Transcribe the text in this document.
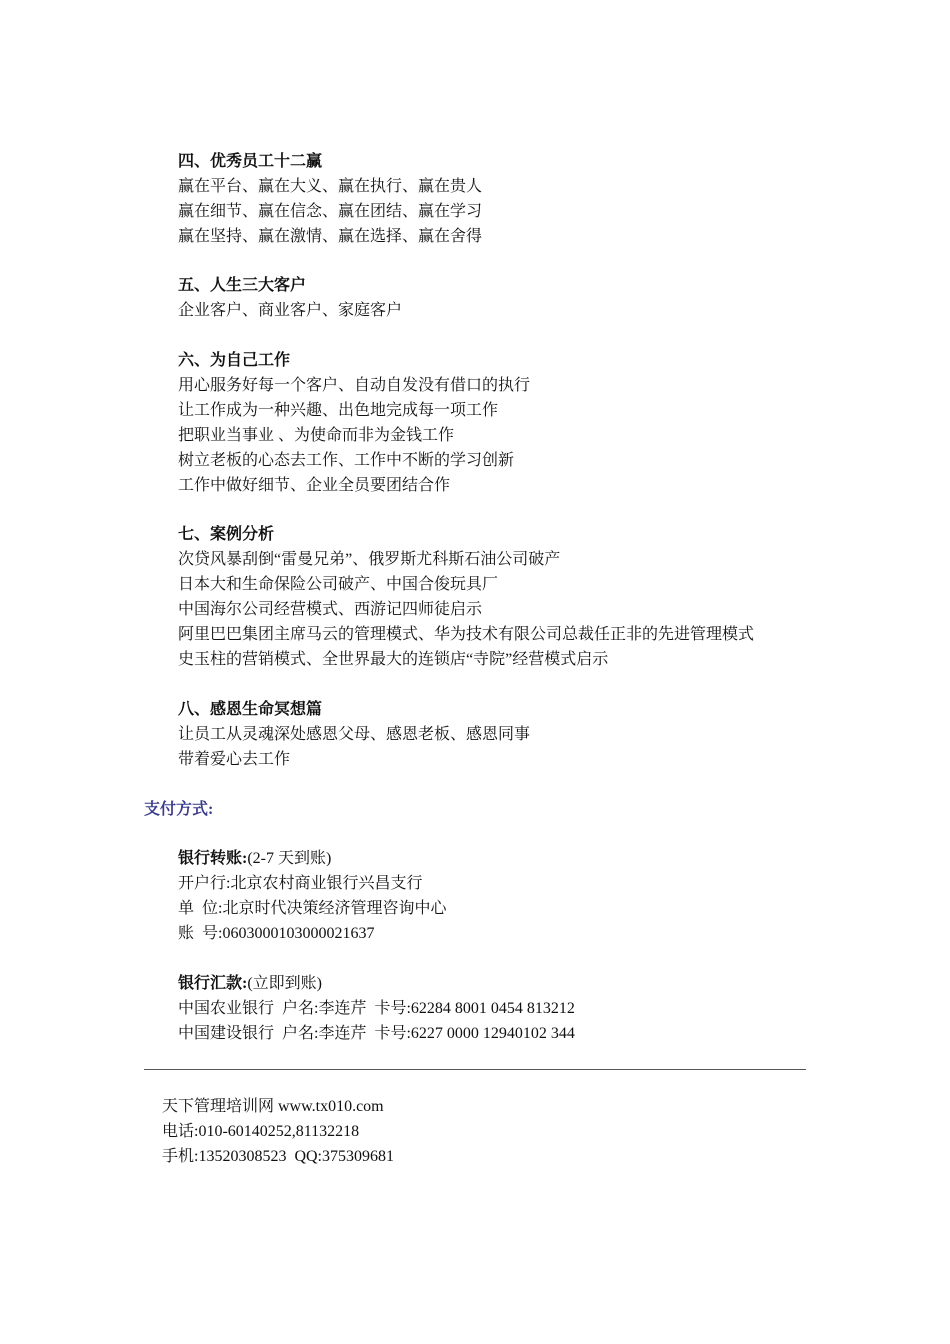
四、优秀员工十二赢
赢在平台、赢在大义、赢在执行、赢在贵人
赢在细节、赢在信念、赢在团结、赢在学习
赢在坚持、赢在激情、赢在选择、赢在舍得
五、人生三大客户
企业客户、商业客户、家庭客户
六、为自己工作
用心服务好每一个客户、自动自发没有借口的执行
让工作成为一种兴趣、出色地完成每一项工作
把职业当事业 、为使命而非为金钱工作
树立老板的心态去工作、工作中不断的学习创新
工作中做好细节、企业全员要团结合作
七、案例分析
次贷风暴刮倒“雷曼兄弟”、俄罗斯尤科斯石油公司破产
日本大和生命保险公司破产、中国合俊玩具厂
中国海尔公司经营模式、西游记四师徒启示
阿里巴巴集团主席马云的管理模式、华为技术有限公司总裁任正非的先进管理模式
史玉柱的营销模式、全世界最大的连锁店“寺院”经营模式启示
八、感恩生命冥想篇
让员工从灵魂深处感恩父母、感恩老板、感恩同事
带着爱心去工作
支付方式:
银行转账:(2-7 天到账)
开户行:北京农村商业银行兴昌支行
单  位:北京时代决策经济管理咨询中心
账  号:0603000103000021637
银行汇款:(立即到账)
中国农业银行  户名:李连芹  卡号:62284 8001 0454 813212
中国建设银行  户名:李连芹  卡号:6227 0000 12940102 344
天下管理培训网 www.tx010.com
电话:010-60140252,81132218
手机:13520308523  QQ:375309681
